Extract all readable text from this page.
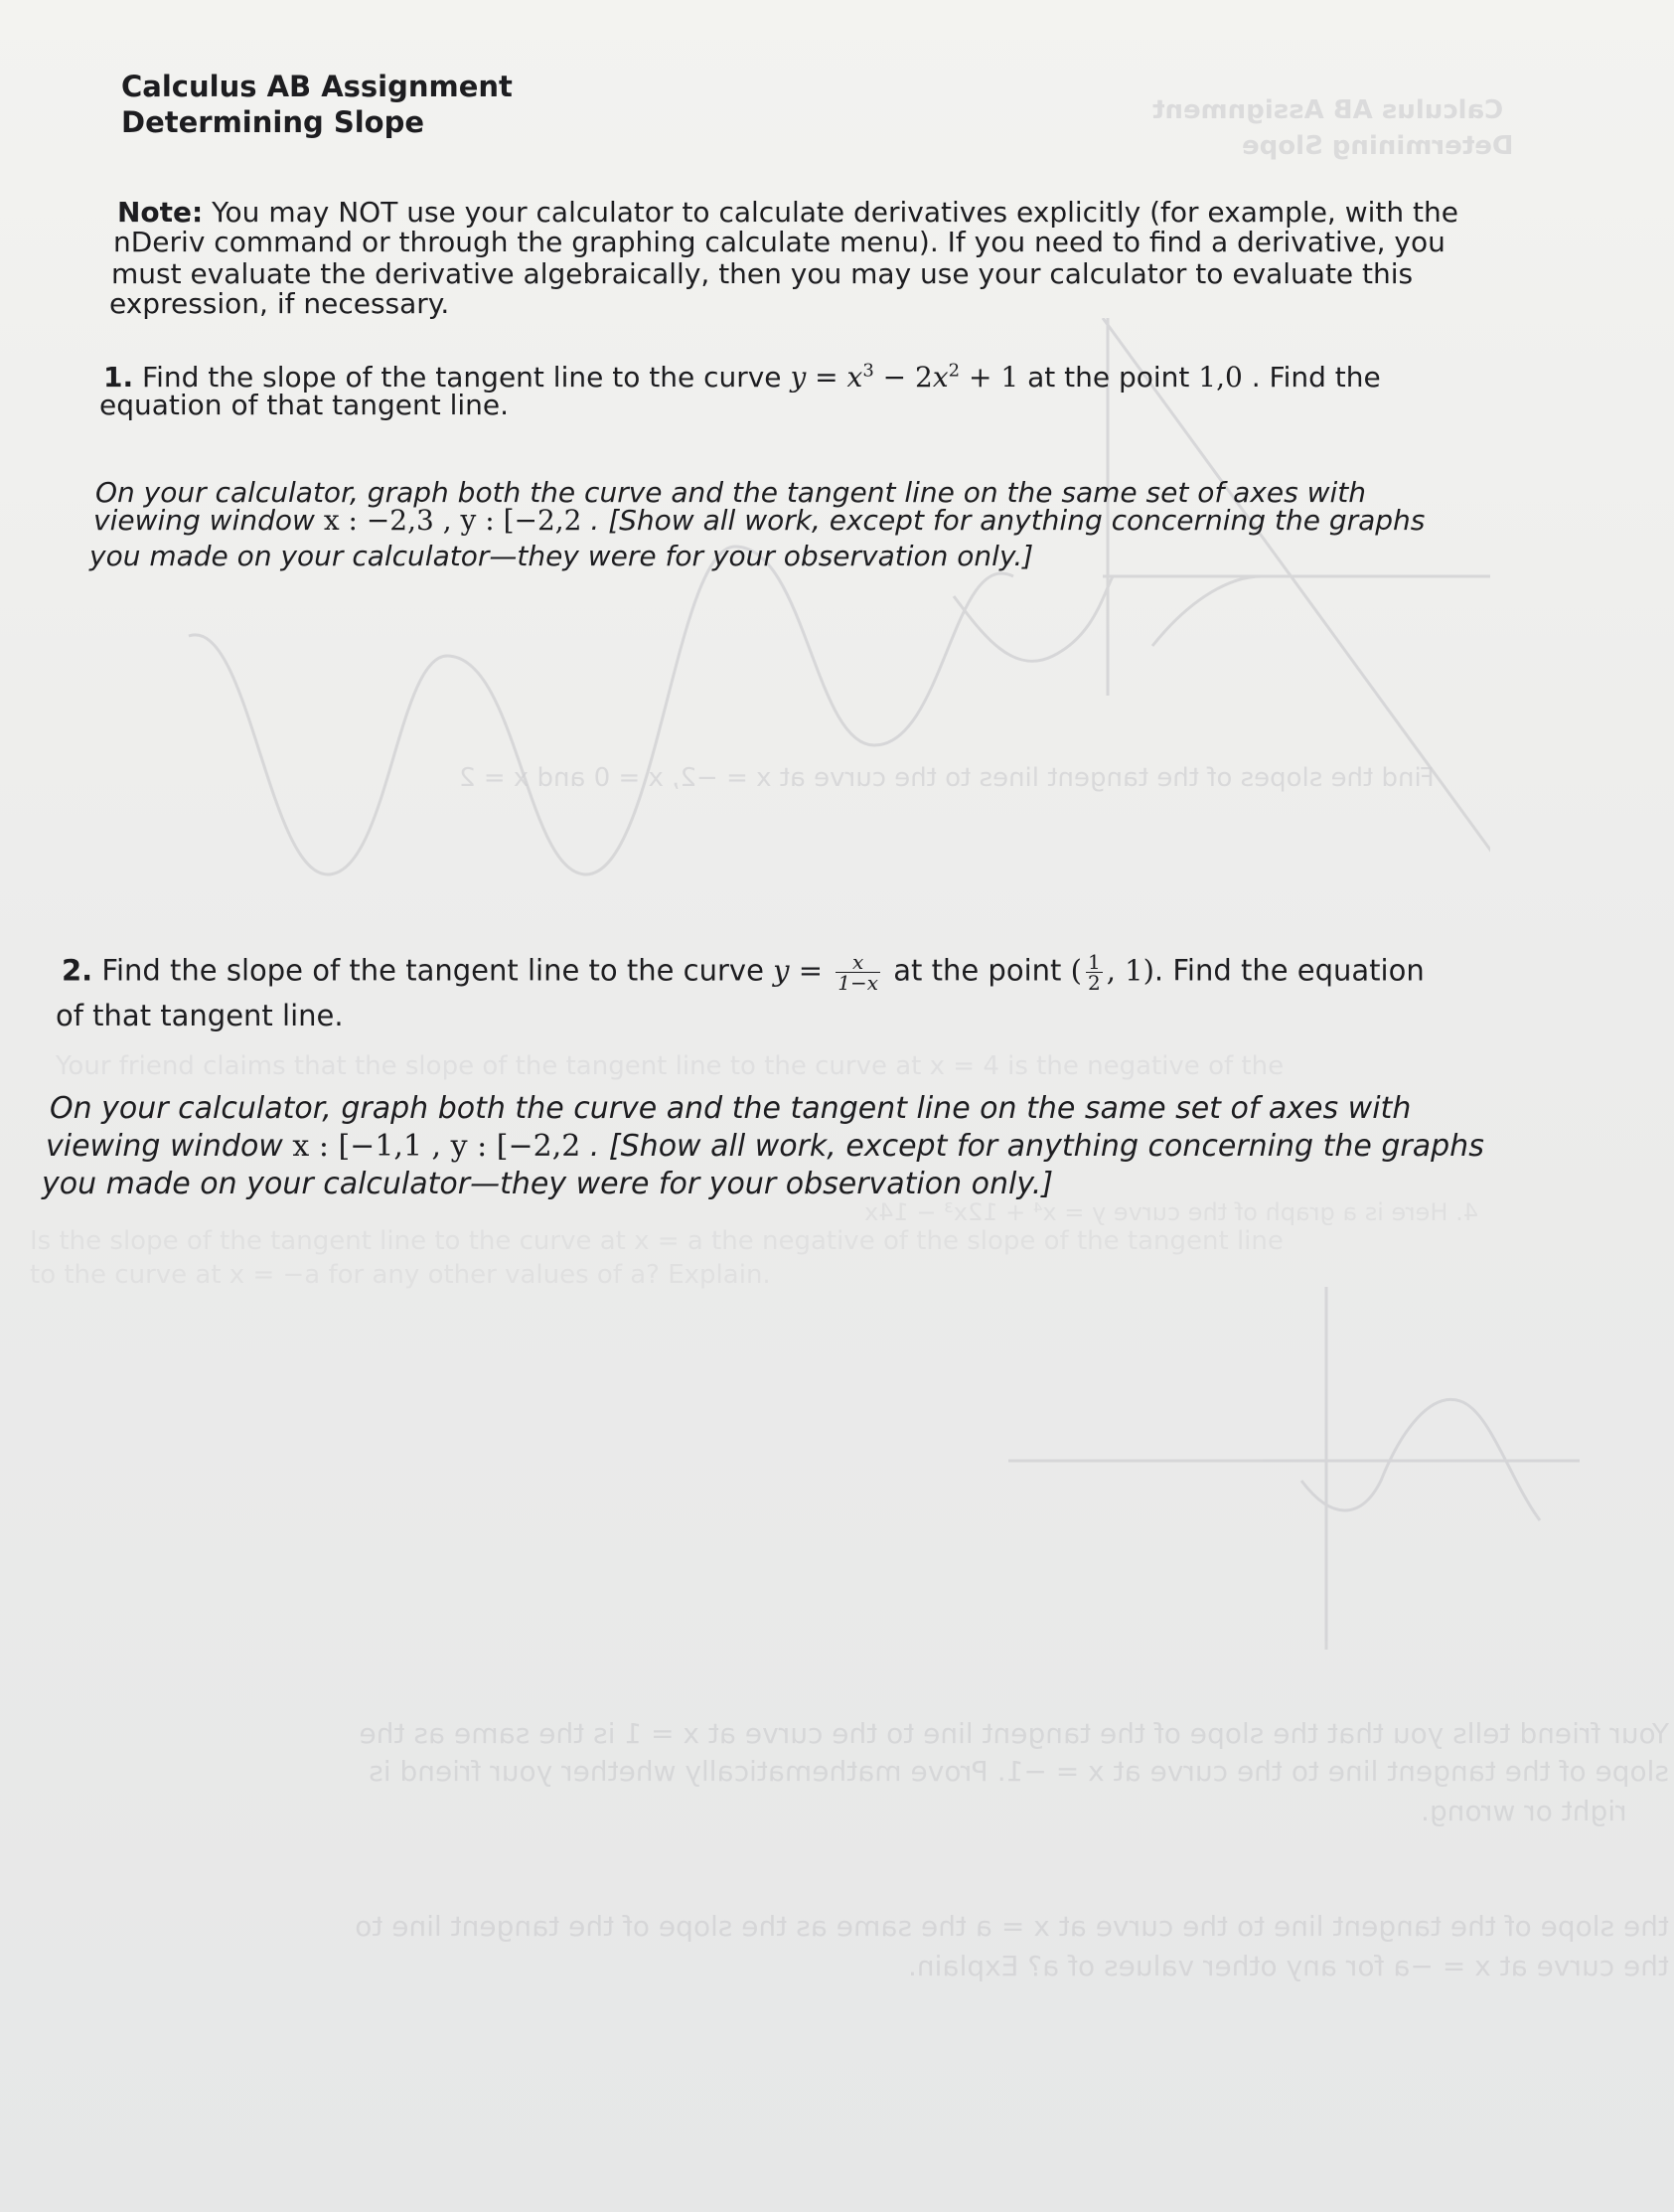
Calculus AB Assignment
Determining Slope
Find the slopes of the tangent lines to the curve at x = −2, x = 0 and x = 2
Your friend claims that the slope of the tangent line to the curve at x = 4 is the negative of the
4. Here is a graph of the curve y = x⁴ + 12x³ − 14x
Is the slope of the tangent line to the curve at x = a the negative of the slope of the tangent line
to the curve at x = −a for any other values of a? Explain.
Your friend tells you that the slope of the tangent line to the curve at x = 1 is the same as the
slope of the tangent line to the curve at x = −1. Prove mathematically whether your friend is
right or wrong.
the slope of the tangent line to the curve at x = a the same as the slope of the tangent line to
the curve at x = −a for any other values of a? Explain.
Calculus AB Assignment
Determining Slope
Note: You may NOT use your calculator to calculate derivatives explicitly (for example, with the
nDeriv command or through the graphing calculate menu). If you need to find a derivative, you
must evaluate the derivative algebraically, then you may use your calculator to evaluate this
expression, if necessary.
1. Find the slope of the tangent line to the curve $y = x^3 - 2x^2 + 1$ at the point 1,0 . Find the
equation of that tangent line.
On your calculator, graph both the curve and the tangent line on the same set of axes with
viewing window x : −2,3 , y : [−2,2 . [Show all work, except for anything concerning the graphs
you made on your calculator—they were for your observation only.]
2. Find the slope of the tangent line to the curve $y = \frac{x}{1-x}$ at the point ( $\frac{1}{2}$ , 1). Find the equation
of that tangent line.
On your calculator, graph both the curve and the tangent line on the same set of axes with
viewing window x : [−1,1 , y : [−2,2 . [Show all work, except for anything concerning the graphs
you made on your calculator—they were for your observation only.]
